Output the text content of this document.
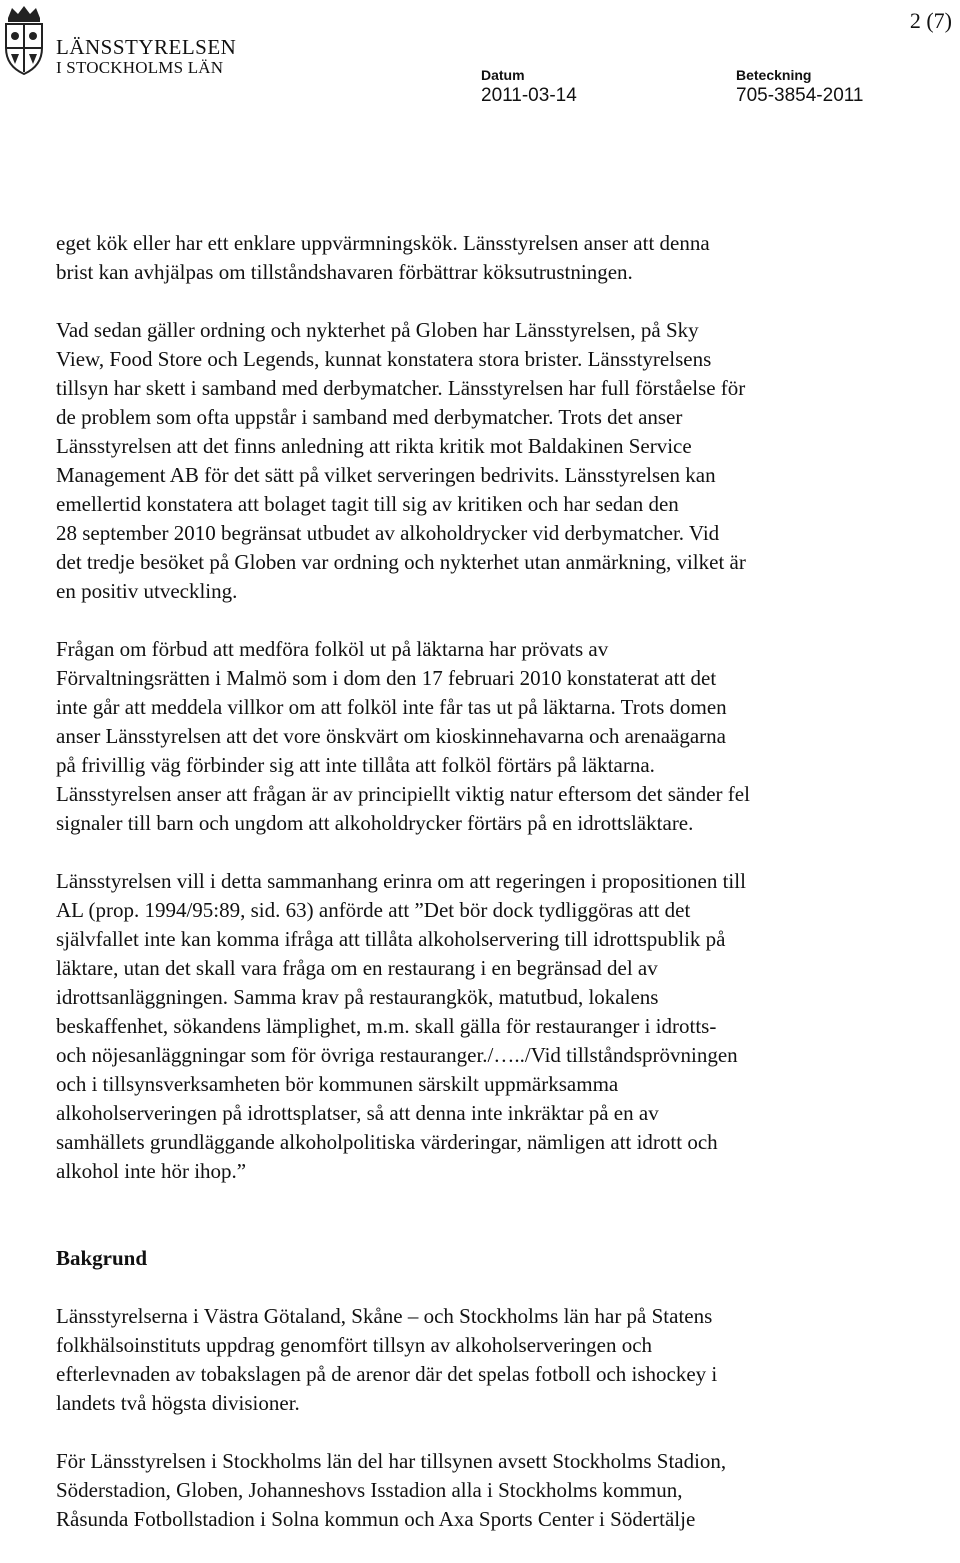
LÄNSSTYRELSEN
I STOCKHOLMS LÄN
2 (7)
Datum
2011-03-14
Beteckning
705-3854-2011

eget kök eller har ett enklare uppvärmningskök. Länsstyrelsen anser att denna
brist kan avhjälpas om tillståndshavaren förbättrar köksutrustningen.

Vad sedan gäller ordning och nykterhet på Globen har Länsstyrelsen, på Sky
View, Food Store och Legends, kunnat konstatera stora brister. Länsstyrelsens
tillsyn har skett i samband med derbymatcher. Länsstyrelsen har full förståelse för
de problem som ofta uppstår i samband med derbymatcher. Trots det anser
Länsstyrelsen att det finns anledning att rikta kritik mot Baldakinen Service
Management AB för det sätt på vilket serveringen bedrivits. Länsstyrelsen kan
emellertid konstatera att bolaget tagit till sig av kritiken och har sedan den
28 september 2010 begränsat utbudet av alkoholdrycker vid derbymatcher. Vid
det tredje besöket på Globen var ordning och nykterhet utan anmärkning, vilket är
en positiv utveckling.

Frågan om förbud att medföra folköl ut på läktarna har prövats av
Förvaltningsrätten i Malmö som i dom den 17 februari 2010 konstaterat att det
inte går att meddela villkor om att folköl inte får tas ut på läktarna. Trots domen
anser Länsstyrelsen att det vore önskvärt om kioskinnehavarna och arenaägarna
på frivillig väg förbinder sig att inte tillåta att folköl förtärs på läktarna.
Länsstyrelsen anser att frågan är av principiellt viktig natur eftersom det sänder fel
signaler till barn och ungdom att alkoholdrycker förtärs på en idrottsläktare.

Länsstyrelsen vill i detta sammanhang erinra om att regeringen i propositionen till
AL (prop. 1994/95:89, sid. 63) anförde att ”Det bör dock tydliggöras att det
självfallet inte kan komma ifråga att tillåta alkoholservering till idrottspublik på
läktare, utan det skall vara fråga om en restaurang i en begränsad del av
idrottsanläggningen. Samma krav på restaurangkök, matutbud, lokalens
beskaffenhet, sökandens lämplighet, m.m. skall gälla för restauranger i idrotts-
och nöjesanläggningar som för övriga restauranger./…../Vid tillståndsprövningen
och i tillsynsverksamheten bör kommunen särskilt uppmärksamma
alkoholserveringen på idrottsplatser, så att denna inte inkräktar på en av
samhällets grundläggande alkoholpolitiska värderingar, nämligen att idrott och
alkohol inte hör ihop.”

Bakgrund

Länsstyrelserna i Västra Götaland, Skåne – och Stockholms län har på Statens
folkhälsoinstituts uppdrag genomfört tillsyn av alkoholserveringen och
efterlevnaden av tobakslagen på de arenor där det spelas fotboll och ishockey i
landets två högsta divisioner.

För Länsstyrelsen i Stockholms län del har tillsynen avsett Stockholms Stadion,
Söderstadion, Globen, Johanneshovs Isstadion alla i Stockholms kommun,
Råsunda Fotbollstadion i Solna kommun och Axa Sports Center i Södertälje
